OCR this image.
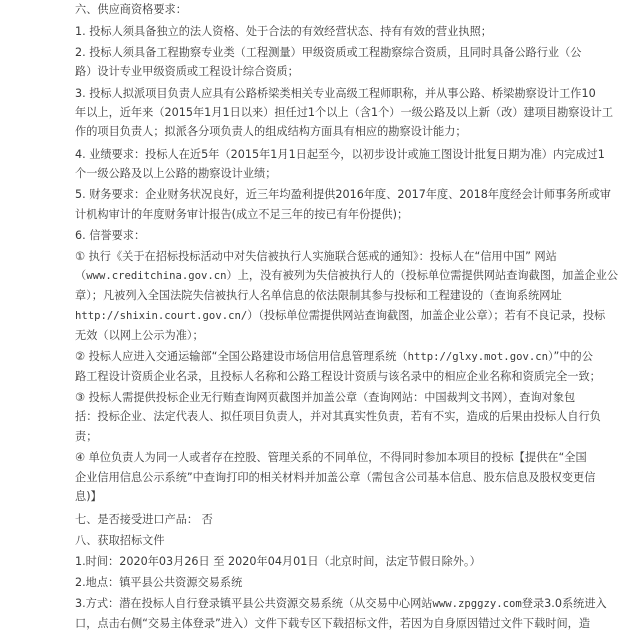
六、供应商资格要求：
1. 投标人须具备独立的法人资格、处于合法的有效经营状态、持有有效的营业执照；
2. 投标人须具备工程勘察专业类（工程测量）甲级资质或工程勘察综合资质，且同时具备公路行业（公
路）设计专业甲级资质或工程设计综合资质；
3. 投标人拟派项目负责人应具有公路桥梁类相关专业高级工程师职称，并从事公路、桥梁勘察设计工作10
年以上，近年来（2015年1月1日以来）担任过1个以上（含1个）一级公路及以上新（改）建项目勘察设计工
作的项目负责人；拟派各分项负责人的组成结构方面具有相应的勘察设计能力；
4. 业绩要求：投标人在近5年（2015年1月1日起至今，以初步设计或施工图设计批复日期为准）内完成过1
个一级公路及以上公路的勘察设计业绩；
5. 财务要求：企业财务状况良好，近三年均盈利提供2016年度、2017年度、2018年度经会计师事务所或审
计机构审计的年度财务审计报告(成立不足三年的按已有年份提供)；
6. 信誉要求：
① 执行《关于在招标投标活动中对失信被执行人实施联合惩戒的通知》：投标人在“信用中国” 网站
（www.creditchina.gov.cn）上，没有被列为失信被执行人的（投标单位需提供网站查询截图，加盖企业公
章）；凡被列入全国法院失信被执行人名单信息的依法限制其参与投标和工程建设的（查询系统网址
http://shixin.court.gov.cn/）（投标单位需提供网站查询截图，加盖企业公章）；若有不良记录，投标
无效（以网上公示为准）；
② 投标人应进入交通运输部“全国公路建设市场信用信息管理系统（http://glxy.mot.gov.cn）”中的公
路工程设计资质企业名录，且投标人名称和公路工程设计资质与该名录中的相应企业名称和资质完全一致；
③ 投标人需提供投标企业无行贿查询网页截图并加盖公章（查询网站：中国裁判文书网），查询对象包
括：投标企业、法定代表人、拟任项目负责人，并对其真实性负责，若有不实，造成的后果由投标人自行负
责；
④ 单位负责人为同一人或者存在控股、管理关系的不同单位，不得同时参加本项目的投标【提供在“全国
企业信用信息公示系统”中查询打印的相关材料并加盖公章（需包含公司基本信息、股东信息及股权变更信
息)】
七、是否接受进口产品： 否
八、获取招标文件
1.时间：2020年03月26日 至 2020年04月01日（北京时间，法定节假日除外。）
2.地点：镇平县公共资源交易系统
3.方式：潜在投标人自行登录镇平县公共资源交易系统（从交易中心网站www.zpggzy.com登录3.0系统进入
口，点击右侧“交易主体登录”进入）文件下载专区下载招标文件，若因为自身原因错过文件下载时间，造
